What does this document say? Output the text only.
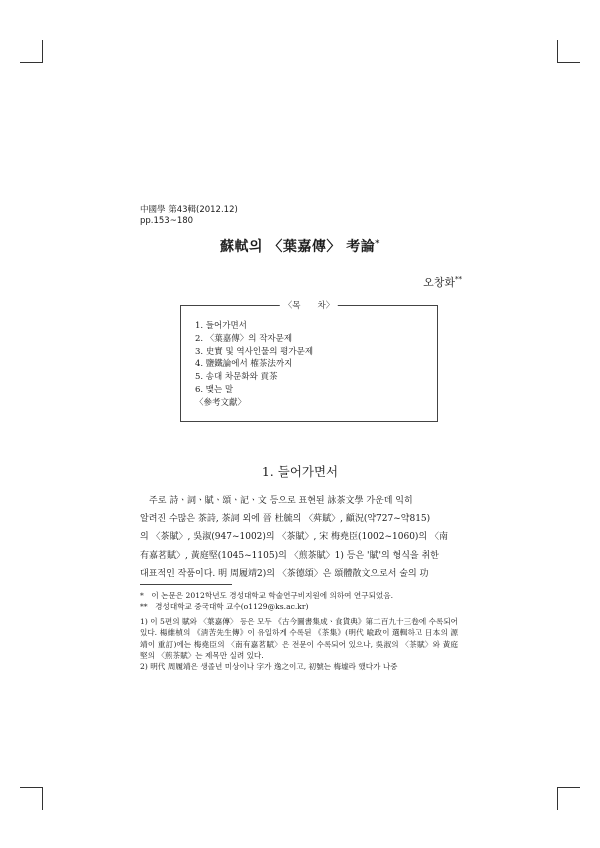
中國學 第43輯(2012.12)
pp.153~180
蘇軾의 〈葉嘉傳〉 考論*
오창화**
〈목　　차〉
1. 들어가면서
2. 〈葉嘉傳〉의 작자문제
3. 史實 및 역사인물의 평가문제
4. 鹽鐵論에서 榷茶法까지
5. 송대 차문화와 貢茶
6. 맺는 말
〈參考文獻〉
1. 들어가면서

　주로 詩ㆍ詞ㆍ賦ㆍ頌ㆍ記ㆍ文 등으로 표현된 詠茶文學 가운데 익히

알려진 수많은 茶詩, 茶詞 외에 晉 杜毓의 〈荈賦〉, 顧況(약727~약815)

의 〈茶賦〉, 吳淑(947~1002)의 〈茶賦〉, 宋 梅堯臣(1002~1060)의 〈南

有嘉茗賦〉, 黃庭堅(1045~1105)의 〈煎茶賦〉1) 등은 '賦'의 형식을 취한

대표적인 작품이다. 明 周履靖2)의 〈茶德頌〉은 頌體散文으로서 술의 功

*　이 논문은 2012학년도 경성대학교 학술연구비지원에 의하여 연구되었음.
**　경성대학교 중국대학 교수(o1129@ks.ac.kr)
1) 이 5편의 賦와 〈葉嘉傳〉 등은 모두 《古今圖書集成ㆍ食貨典》第二百九十三卷에 수록되어 있다. 楊維楨의 《淸苦先生傳》이 유일하게 수록된 《茶集》(明代 喩政이 選輯하고 日本의 源靖이 重訂)에는 梅堯臣의 〈南有嘉茗賦〉은 전문이 수록되어 있으나, 吳淑의 〈茶賦〉와 黃庭堅의 〈煎茶賦〉는 제목만 실려 있다.
2) 明代 周履靖은 생졸년 미상이나 字가 逸之이고, 初號는 梅墟라 했다가 나중
